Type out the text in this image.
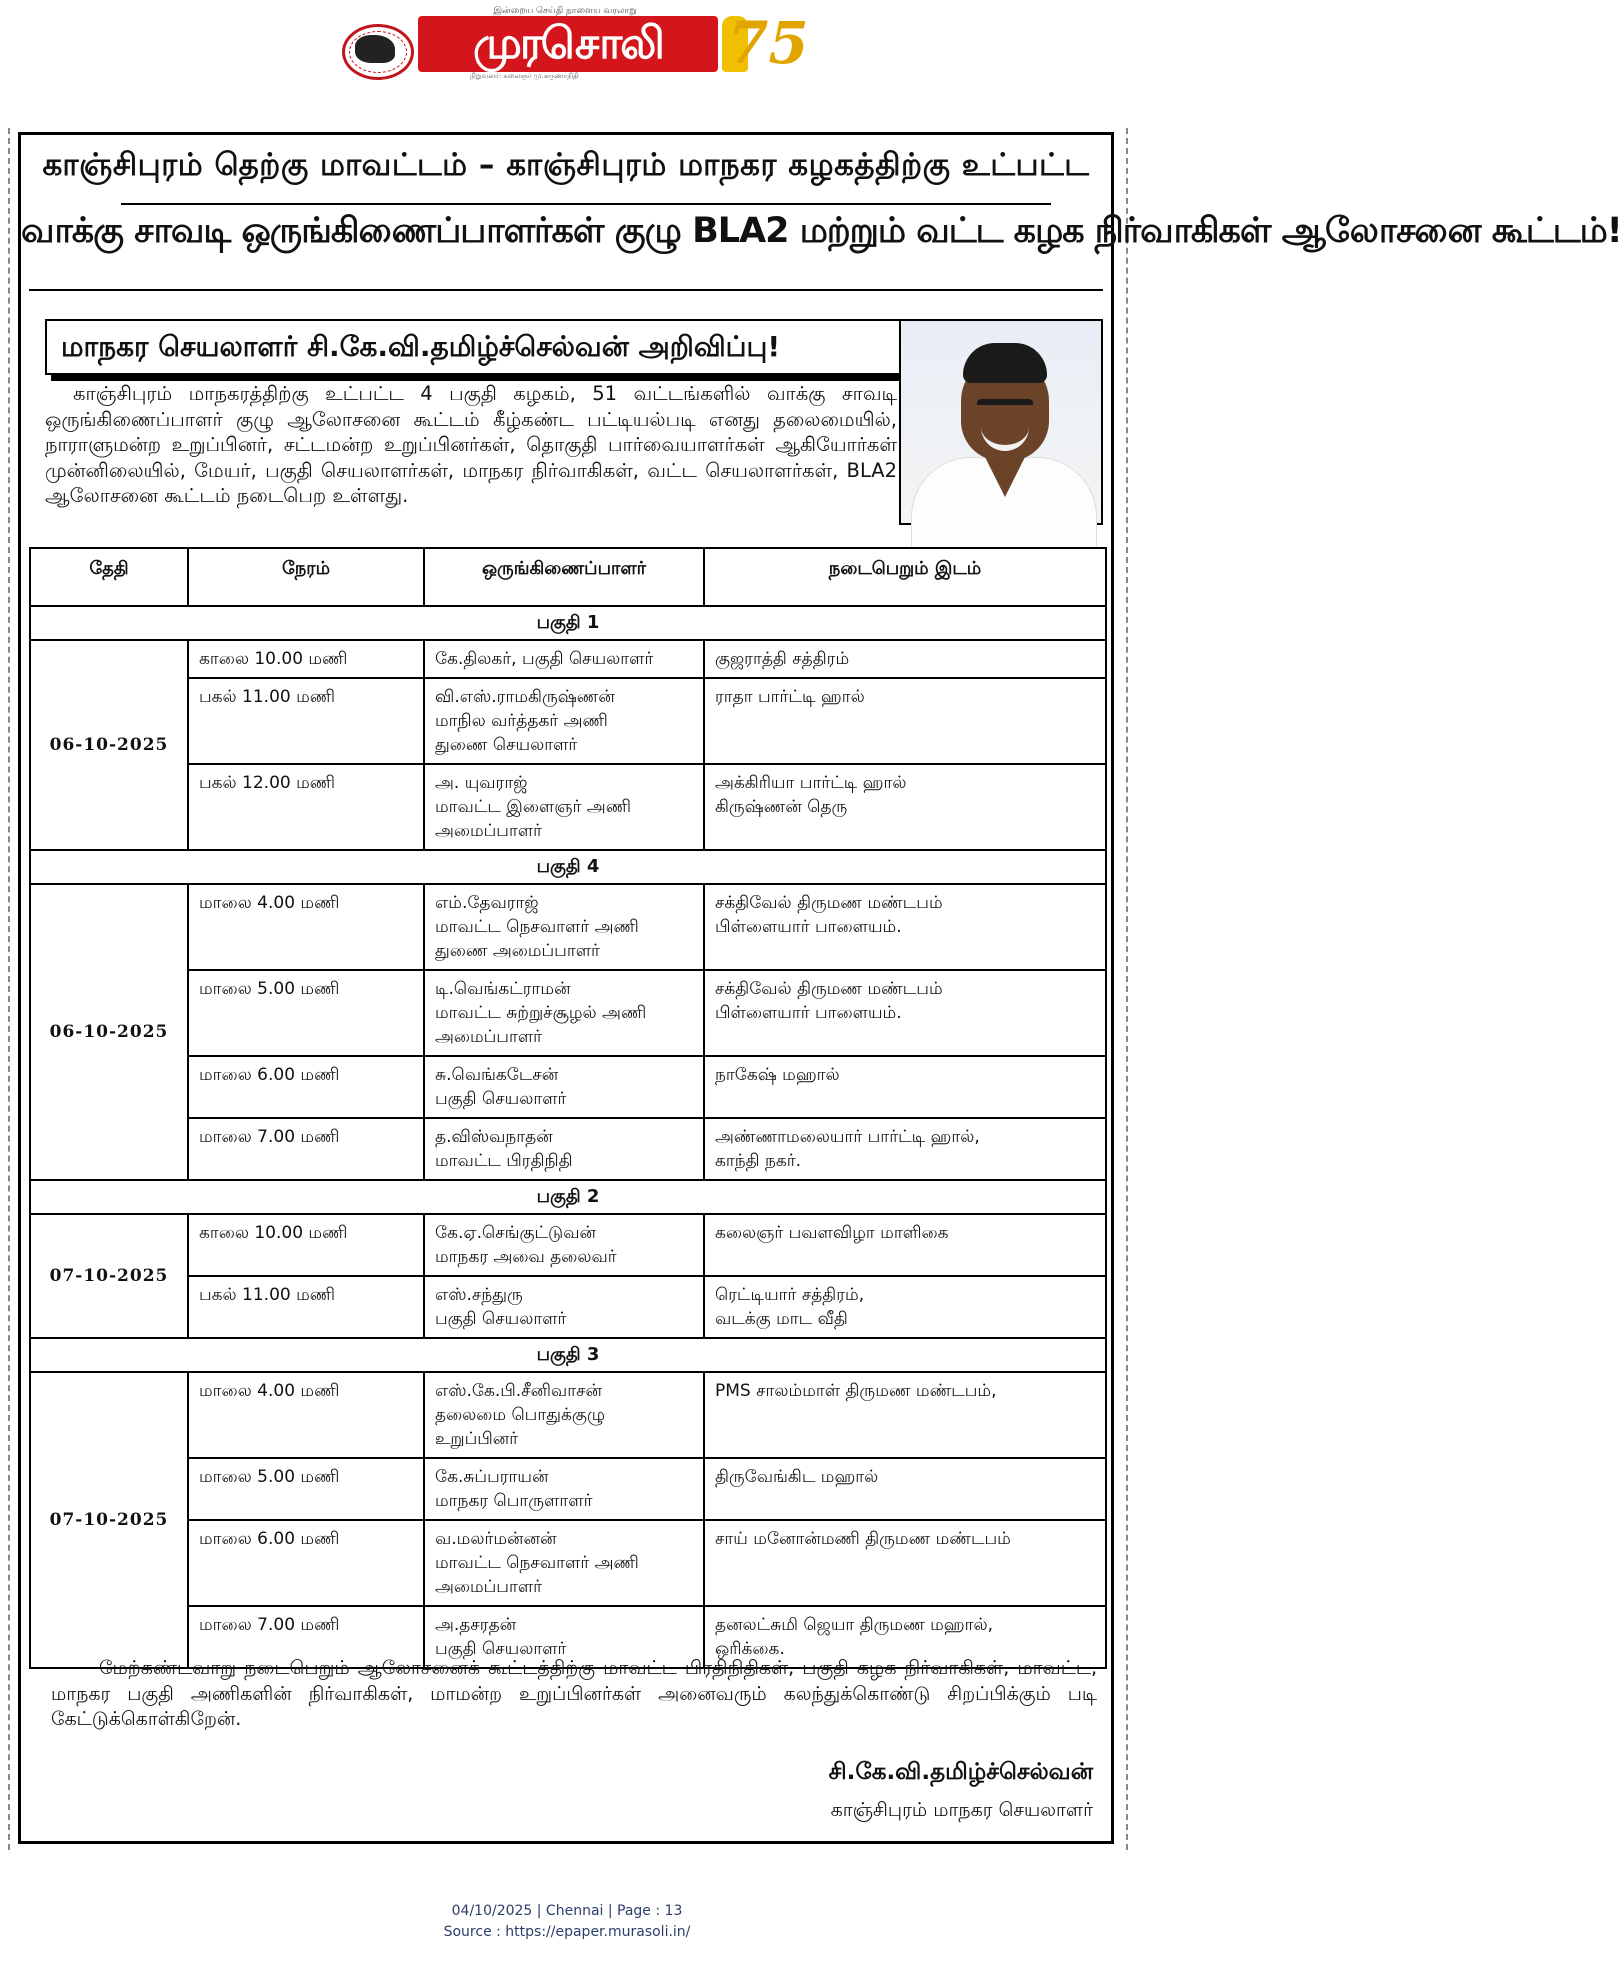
இன்றைய செய்தி நாளைய வரலாறு
முரசொலி
நிறுவனர்: கலைஞர் மு.கருணாநிதி	75
காஞ்சிபுரம் தெற்கு மாவட்டம் – காஞ்சிபுரம் மாநகர கழகத்திற்கு உட்பட்ட
வாக்கு சாவடி ஒருங்கிணைப்பாளர்கள் குழு BLA2 மற்றும் வட்ட கழக நிர்வாகிகள் ஆலோசனை கூட்டம்!
மாநகர செயலாளர் சி.கே.வி.தமிழ்ச்செல்வன் அறிவிப்பு!
காஞ்சிபுரம் மாநகரத்திற்கு உட்பட்ட 4 பகுதி கழகம், 51 வட்டங்களில் வாக்கு சாவடி ஒருங்கிணைப்பாளர் குழு ஆலோசனை கூட்டம் கீழ்கண்ட பட்டியல்படி எனது தலைமையில், நாராளுமன்ற உறுப்பினர், சட்டமன்ற உறுப்பினர்கள், தொகுதி பார்வையாளர்கள் ஆகியோர்கள் முன்னிலையில், மேயர், பகுதி செயலாளர்கள், மாநகர நிர்வாகிகள், வட்ட செயலாளர்கள், BLA2 ஆலோசனை கூட்டம் நடைபெற உள்ளது.
தேதி	நேரம்	ஒருங்கிணைப்பாளர்	நடைபெறும் இடம்
பகுதி 1			
06-10-2025	காலை 10.00 மணி	கே.திலகர், பகுதி செயலாளர்	குஜராத்தி சத்திரம்

	பகல் 11.00 மணி	வி.எஸ்.ராமகிருஷ்ணன்
மாநில வர்த்தகர் அணி
துணை செயலாளர்	ராதா பார்ட்டி ஹால்

	பகல் 12.00 மணி	அ. யுவராஜ்
மாவட்ட இளைஞர் அணி
அமைப்பாளர்	அக்கிரியா பார்ட்டி ஹால்
கிருஷ்ணன் தெரு

பகுதி 4			
06-10-2025	மாலை 4.00 மணி	எம்.தேவராஜ்
மாவட்ட நெசவாளர் அணி
துணை அமைப்பாளர்	சக்திவேல் திருமண மண்டபம்
பிள்ளையார் பாளையம்.

	மாலை 5.00 மணி	டி.வெங்கட்ராமன்
மாவட்ட சுற்றுச்சூழல் அணி
அமைப்பாளர்	சக்திவேல் திருமண மண்டபம்
பிள்ளையார் பாளையம்.

	மாலை 6.00 மணி	சு.வெங்கடேசன்
பகுதி செயலாளர்	நாகேஷ் மஹால்

	மாலை 7.00 மணி	த.விஸ்வநாதன்
மாவட்ட பிரதிநிதி	அண்ணாமலையார் பார்ட்டி ஹால்,
காந்தி நகர்.

பகுதி 2			
07-10-2025	காலை 10.00 மணி	கே.ஏ.செங்குட்டுவன்
மாநகர அவை தலைவர்	கலைஞர் பவளவிழா மாளிகை

	பகல் 11.00 மணி	எஸ்.சந்துரு
பகுதி செயலாளர்	ரெட்டியார் சத்திரம்,
வடக்கு மாட வீதி

பகுதி 3			
07-10-2025	மாலை 4.00 மணி	எஸ்.கே.பி.சீனிவாசன்
தலைமை பொதுக்குழு
உறுப்பினர்	PMS சாலம்மாள் திருமண மண்டபம்,

	மாலை 5.00 மணி	கே.சுப்பராயன்
மாநகர பொருளாளர்	திருவேங்கிட மஹால்

	மாலை 6.00 மணி	வ.மலர்மன்னன்
மாவட்ட நெசவாளர் அணி
அமைப்பாளர்	சாய் மனோன்மணி திருமண மண்டபம்

	மாலை 7.00 மணி	அ.தசரதன்
பகுதி செயலாளர்	தனலட்சுமி ஜெயா திருமண மஹால்,
ஒரிக்கை.
மேற்கண்டவாறு நடைபெறும் ஆலோசனைக் கூட்டத்திற்கு மாவட்ட பிரதிநிதிகள், பகுதி கழக நிர்வாகிகள், மாவட்ட, மாநகர பகுதி அணிகளின் நிர்வாகிகள், மாமன்ற உறுப்பினர்கள் அனைவரும் கலந்துக்கொண்டு சிறப்பிக்கும் படி கேட்டுக்கொள்கிறேன்.
சி.கே.வி.தமிழ்ச்செல்வன்
காஞ்சிபுரம் மாநகர செயலாளர்
04/10/2025 | Chennai | Page : 13
Source : https://epaper.murasoli.in/
